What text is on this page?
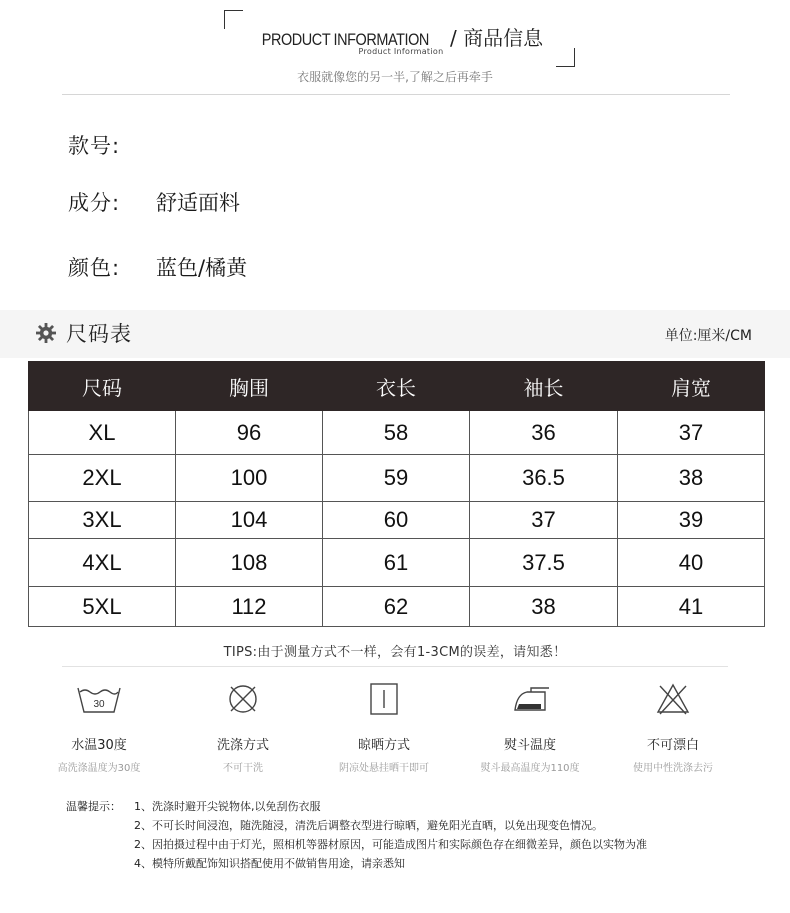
PRODUCT INFORMATION / 商品信息
Product Information
衣服就像您的另一半,了解之后再牵手
款号:
成分: 舒适面料
颜色: 蓝色/橘黄
尺码表	单位:厘米/CM
尺码	胸围	衣长	袖长	肩宽
XL	96	58	36	37
2XL	100	59	36.5	38
3XL	104	60	37	39
4XL	108	61	37.5	40
5XL	112	62	38	41
TIPS:由于测量方式不一样，会有1-3CM的误差，请知悉！
30
水温30度
高洗涤温度为30度
洗涤方式
不可干洗
晾晒方式
阴凉处悬挂晒干即可
熨斗温度
熨斗最高温度为110度
不可漂白
使用中性洗涤去污
温馨提示： 1、洗涤时避开尖锐物体,以免刮伤衣服
2、不可长时间浸泡，随洗随浸，清洗后调整衣型进行晾晒，避免阳光直晒，以免出现变色情况。
2、因拍摄过程中由于灯光，照相机等器材原因，可能造成图片和实际颜色存在细微差异，颜色以实物为准
4、模特所戴配饰知识搭配使用不做销售用途，请亲悉知
